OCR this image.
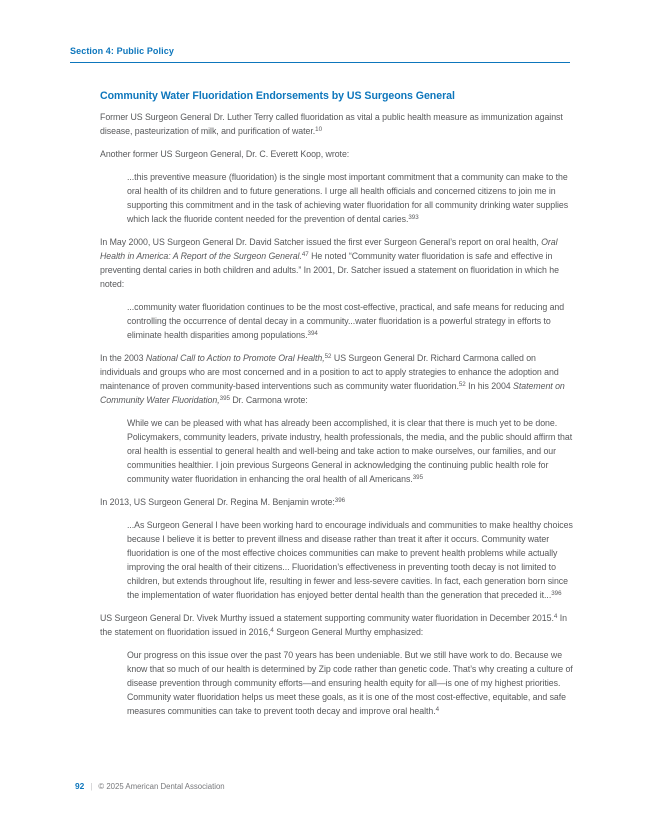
Section 4: Public Policy
Community Water Fluoridation Endorsements by US Surgeons General
Former US Surgeon General Dr. Luther Terry called fluoridation as vital a public health measure as immunization against disease, pasteurization of milk, and purification of water.$^{10}$
Another former US Surgeon General, Dr. C. Everett Koop, wrote:
...this preventive measure (fluoridation) is the single most important commitment that a community can make to the oral health of its children and to future generations. I urge all health officials and concerned citizens to join me in supporting this commitment and in the task of achieving water fluoridation for all community drinking water supplies which lack the fluoride content needed for the prevention of dental caries.$^{393}$
In May 2000, US Surgeon General Dr. David Satcher issued the first ever Surgeon General’s report on oral health, Oral Health in America: A Report of the Surgeon General.$^{47}$ He noted “Community water fluoridation is safe and effective in preventing dental caries in both children and adults.” In 2001, Dr. Satcher issued a statement on fluoridation in which he noted:
...community water fluoridation continues to be the most cost-effective, practical, and safe means for reducing and controlling the occurrence of dental decay in a community...water fluoridation is a powerful strategy in efforts to eliminate health disparities among populations.$^{394}$
In the 2003 National Call to Action to Promote Oral Health,$^{52}$ US Surgeon General Dr. Richard Carmona called on individuals and groups who are most concerned and in a position to act to apply strategies to enhance the adoption and maintenance of proven community-based interventions such as community water fluoridation.$^{52}$ In his 2004 Statement on Community Water Fluoridation,$^{395}$ Dr. Carmona wrote:
While we can be pleased with what has already been accomplished, it is clear that there is much yet to be done. Policymakers, community leaders, private industry, health professionals, the media, and the public should affirm that oral health is essential to general health and well-being and take action to make ourselves, our families, and our communities healthier. I join previous Surgeons General in acknowledging the continuing public health role for community water fluoridation in enhancing the oral health of all Americans.$^{395}$
In 2013, US Surgeon General Dr. Regina M. Benjamin wrote:$^{396}$
...As Surgeon General I have been working hard to encourage individuals and communities to make healthy choices because I believe it is better to prevent illness and disease rather than treat it after it occurs. Community water fluoridation is one of the most effective choices communities can make to prevent health problems while actually improving the oral health of their citizens... Fluoridation’s effectiveness in preventing tooth decay is not limited to children, but extends throughout life, resulting in fewer and less-severe cavities. In fact, each generation born since the implementation of water fluoridation has enjoyed better dental health than the generation that preceded it...$^{396}$
US Surgeon General Dr. Vivek Murthy issued a statement supporting community water fluoridation in December 2015.$^4$ In the statement on fluoridation issued in 2016,$^4$ Surgeon General Murthy emphasized:
Our progress on this issue over the past 70 years has been undeniable. But we still have work to do. Because we know that so much of our health is determined by Zip code rather than genetic code. That’s why creating a culture of disease prevention through community efforts—and ensuring health equity for all—is one of my highest priorities. Community water fluoridation helps us meet these goals, as it is one of the most cost-effective, equitable, and safe measures communities can take to prevent tooth decay and improve oral health.$^4$
92 | © 2025 American Dental Association
